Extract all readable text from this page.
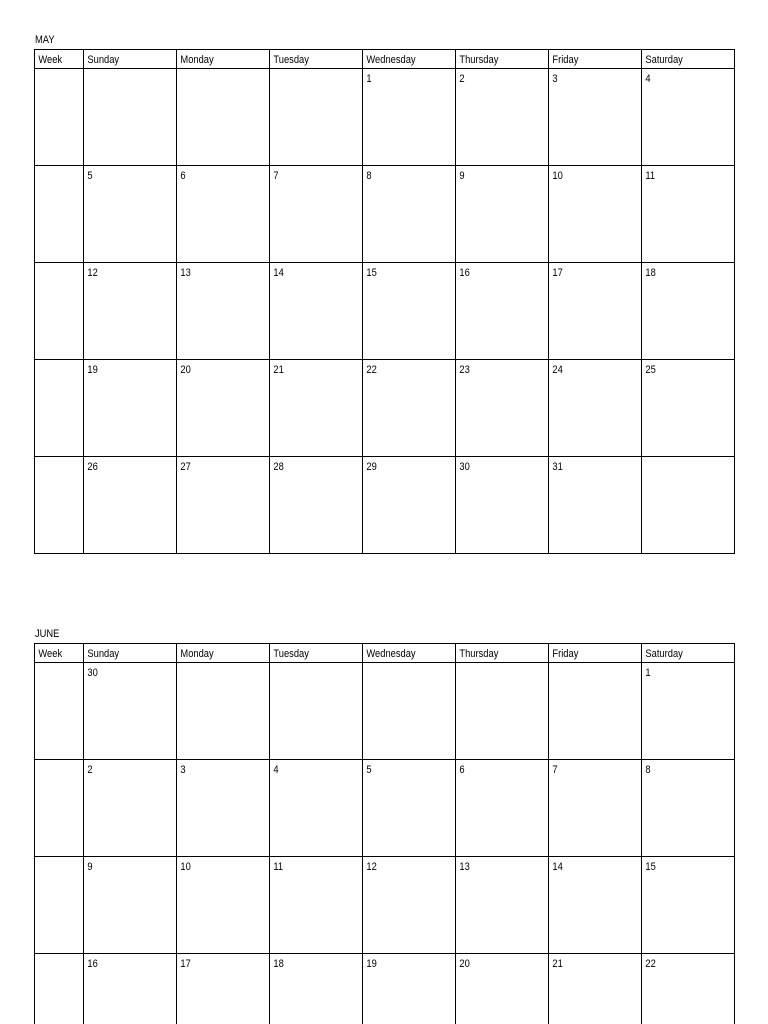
MAY
Week	Sunday	Monday	Tuesday	Wednesday	Thursday	Friday	Saturday
				1	2	3	4
	5	6	7	8	9	10	11
	12	13	14	15	16	17	18
	19	20	21	22	23	24	25
	26	27	28	29	30	31	
JUNE
Week	Sunday	Monday	Tuesday	Wednesday	Thursday	Friday	Saturday
	30						1
	2	3	4	5	6	7	8
	9	10	11	12	13	14	15
	16	17	18	19	20	21	22
